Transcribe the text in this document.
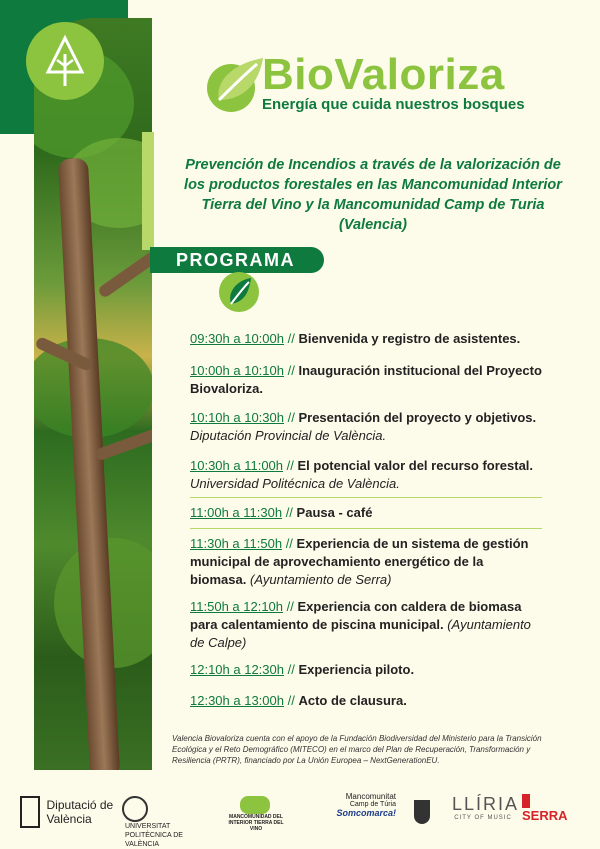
BioValoriza
Energía que cuida nuestros bosques
Prevención de Incendios a través de la valorización de los productos forestales en las Mancomunidad Interior Tierra del Vino y la Mancomunidad Camp de Turia (Valencia)
PROGRAMA
09:30h a 10:00h // Bienvenida y registro de asistentes.
10:00h a 10:10h // Inauguración institucional del Proyecto Biovaloriza.
10:10h a 10:30h // Presentación del proyecto y objetivos. Diputación Provincial de València.
10:30h a 11:00h // El potencial valor del recurso forestal. Universidad Politécnica de València.
11:00h a 11:30h // Pausa - café
11:30h a 11:50h // Experiencia de un sistema de gestión municipal de aprovechamiento energético de la biomasa. (Ayuntamiento de Serra)
11:50h a 12:10h // Experiencia con caldera de biomasa para calentamiento de piscina municipal. (Ayuntamiento de Calpe)
12:10h a 12:30h // Experiencia piloto.
12:30h a 13:00h // Acto de clausura.
Valencia Biovaloriza cuenta con el apoyo de la Fundación Biodiversidad del Ministerio para la Transición Ecológica y el Reto Demográfico (MITECO) en el marco del Plan de Recuperación, Transformación y Resiliencia (PRTR), financiado por La Unión Europea – NextGenerationEU.
Diputació de València
UNIVERSITAT POLITÈCNICA DE VALÈNCIA
MANCOMUNIDAD DEL INTERIOR TIERRA DEL VINO
Mancomunitat
Camp de Túria
Somcomarca!	LLÍRIA
CITY OF MUSIC SERRA
